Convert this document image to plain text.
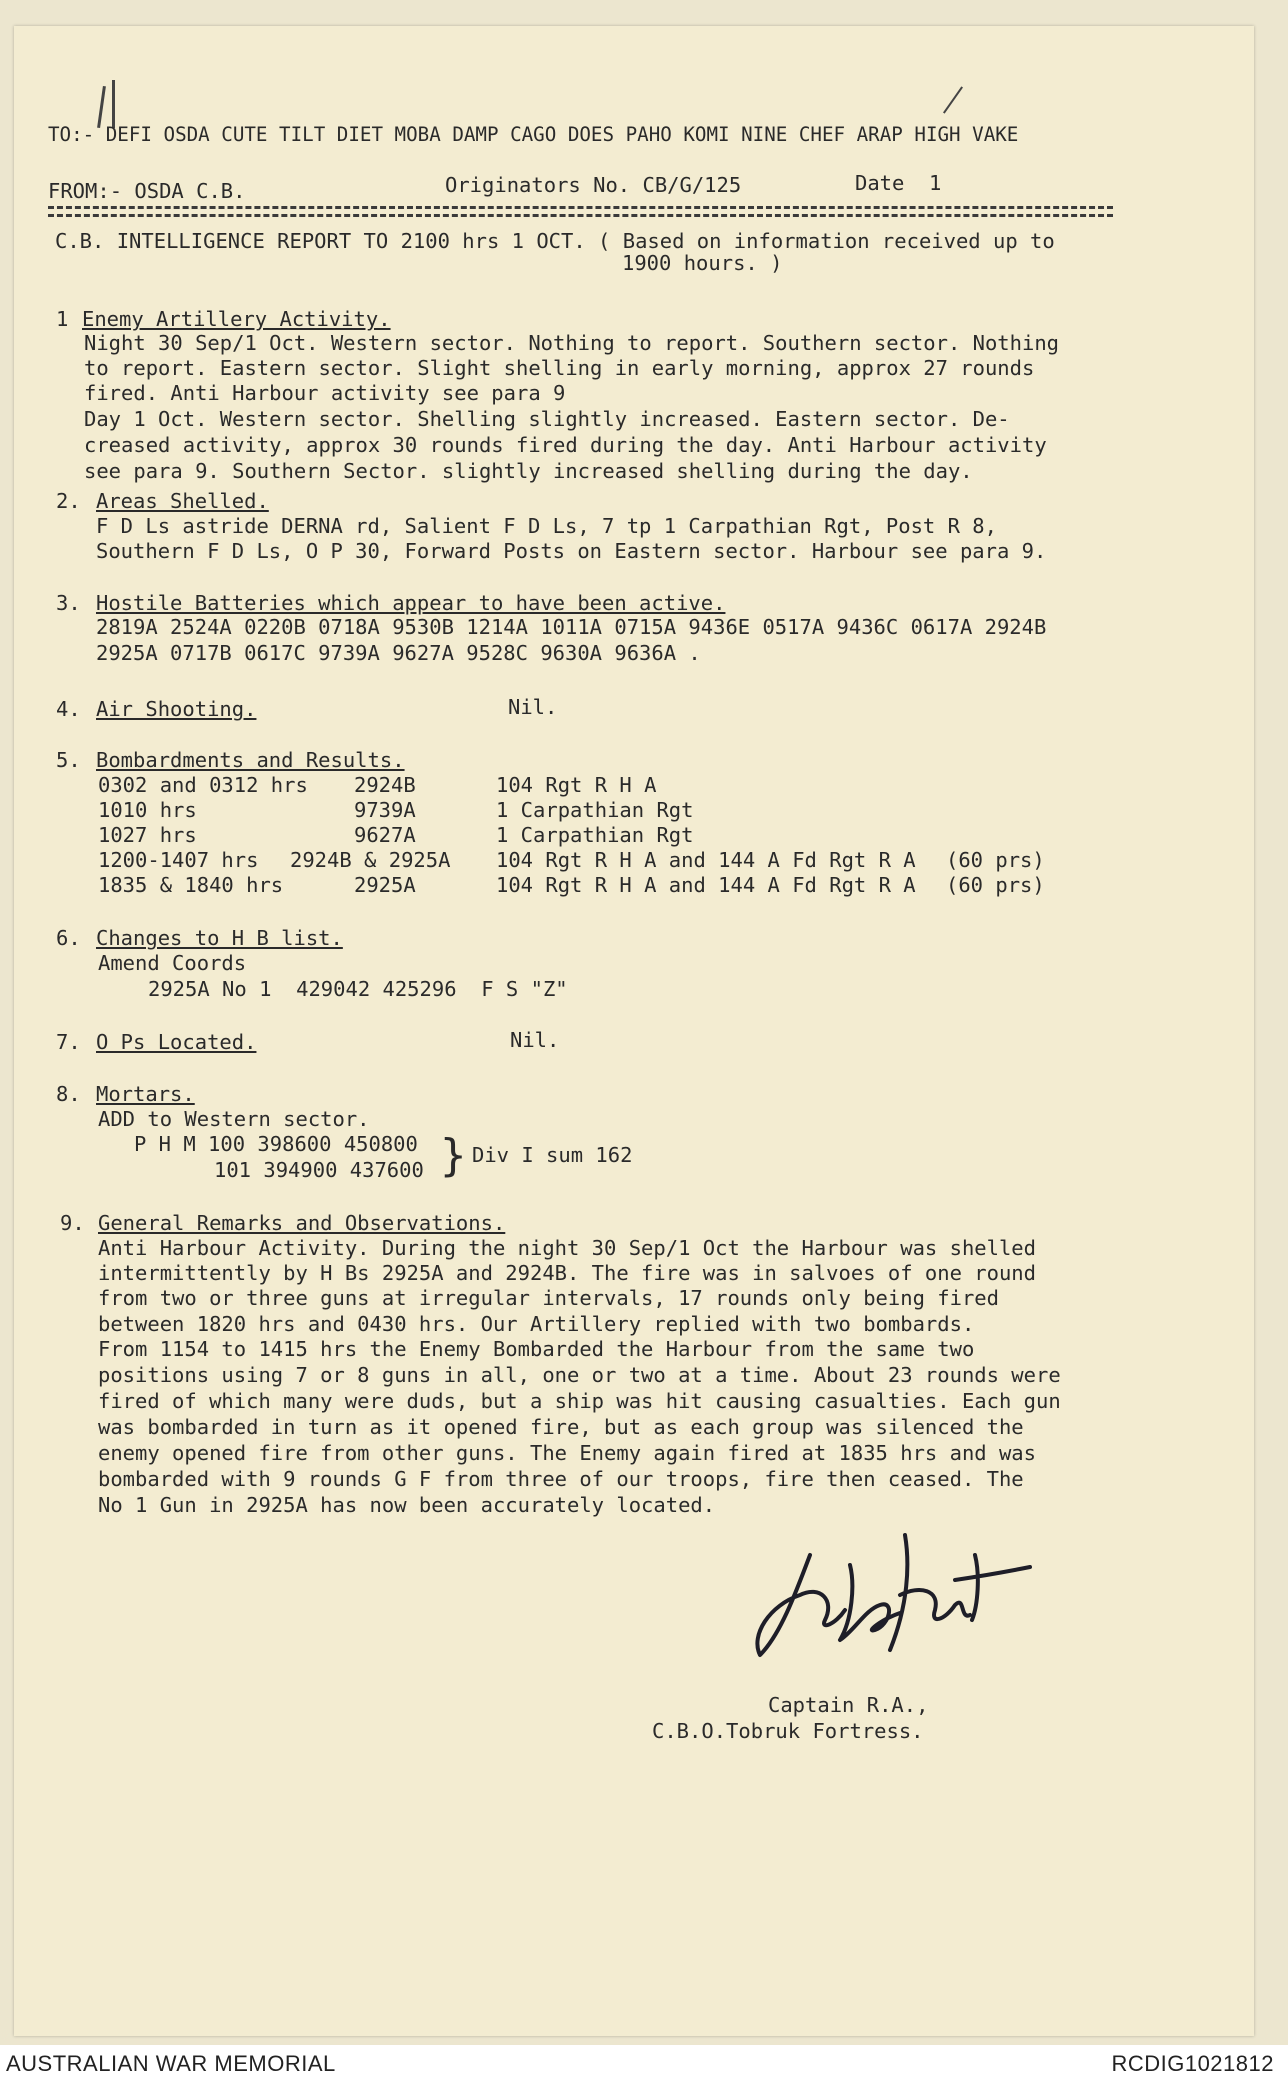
TO:- DEFI OSDA CUTE TILT DIET MOBA DAMP CAGO DOES PAHO KOMI NINE CHEF ARAP HIGH VAKE
FROM:- OSDA C.B.	Originators No. CB/G/125	Date  1
C.B. INTELLIGENCE REPORT TO 2100 hrs 1 OCT. ( Based on information received up to
1900 hours. )
1 Enemy Artillery Activity.
Night 30 Sep/1 Oct. Western sector. Nothing to report. Southern sector. Nothing
to report. Eastern sector. Slight shelling in early morning, approx 27 rounds
fired. Anti Harbour activity see para 9
Day 1 Oct. Western sector. Shelling slightly increased. Eastern sector. De-
creased activity, approx 30 rounds fired during the day. Anti Harbour activity
see para 9. Southern Sector. slightly increased shelling during the day.
2. Areas Shelled.
F D Ls astride DERNA rd, Salient F D Ls, 7 tp 1 Carpathian Rgt, Post R 8,
Southern F D Ls, O P 30, Forward Posts on Eastern sector. Harbour see para 9.
3. Hostile Batteries which appear to have been active.
2819A 2524A 0220B 0718A 9530B 1214A 1011A 0715A 9436E 0517A 9436C 0617A 2924B
2925A 0717B 0617C 9739A 9627A 9528C 9630A 9636A .
4. Air Shooting.	Nil.
5. Bombardments and Results.
0302 and 0312 hrs 2924B	104 Rgt R H A
1010 hrs	9739A	1 Carpathian Rgt
1027 hrs	9627A	1 Carpathian Rgt
1200-1407 hrs 2924B & 2925A 104 Rgt R H A and 144 A Fd Rgt R A (60 prs)
1835 & 1840 hrs	2925A	104 Rgt R H A and 144 A Fd Rgt R A (60 prs)
6. Changes to H B list.
Amend Coords
2925A No 1  429042 425296  F S "Z"
7. O Ps Located.	Nil.
8. Mortars.
ADD to Western sector.
P H M 100 398600 450800
101 394900 437600 } Div I sum 162
9. General Remarks and Observations.
Anti Harbour Activity. During the night 30 Sep/1 Oct the Harbour was shelled
intermittently by H Bs 2925A and 2924B. The fire was in salvoes of one round
from two or three guns at irregular intervals, 17 rounds only being fired
between 1820 hrs and 0430 hrs. Our Artillery replied with two bombards.
From 1154 to 1415 hrs the Enemy Bombarded the Harbour from the same two
positions using 7 or 8 guns in all, one or two at a time. About 23 rounds were
fired of which many were duds, but a ship was hit causing casualties. Each gun
was bombarded in turn as it opened fire, but as each group was silenced the
enemy opened fire from other guns. The Enemy again fired at 1835 hrs and was
bombarded with 9 rounds G F from three of our troops, fire then ceased. The
No 1 Gun in 2925A has now been accurately located.
Captain R.A.,
C.B.O.Tobruk Fortress.
AUSTRALIAN WAR MEMORIAL	RCDIG1021812
